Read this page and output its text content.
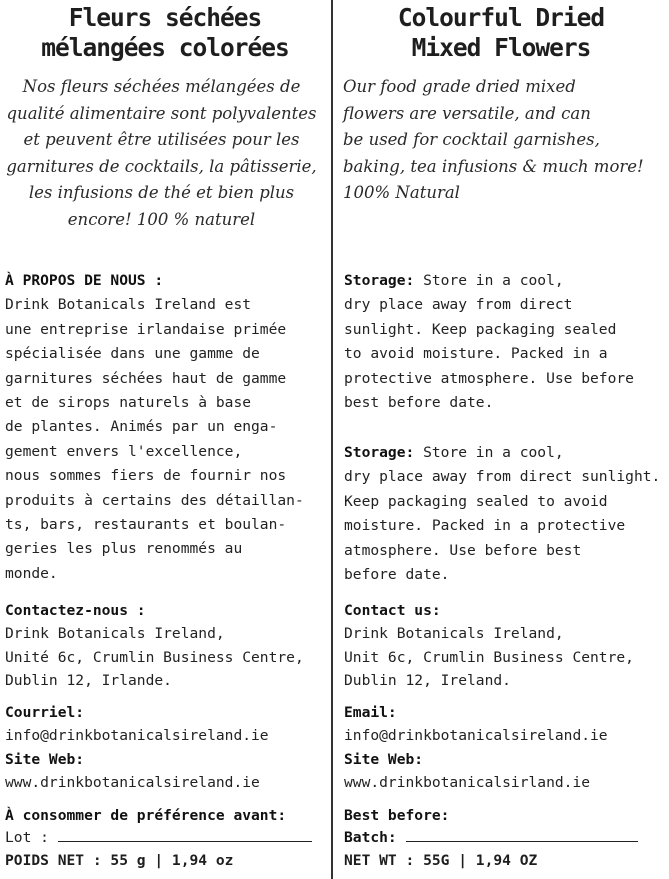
Fleurs séchées
mélangées colorées

Nos fleurs séchées mélangées de qualité alimentaire sont polyvalentes et peuvent être utilisées pour les garnitures de cocktails, la pâtisserie, les infusions de thé et bien plus encore! 100 % naturel

À PROPOS DE NOUS :
Drink Botanicals Ireland est
une entreprise irlandaise primée
spécialisée dans une gamme de
garnitures séchées haut de gamme
et de sirops naturels à base
de plantes. Animés par un enga-
gement envers l'excellence,
nous sommes fiers de fournir nos
produits à certains des détaillan-
ts, bars, restaurants et boulan-
geries les plus renommés au
monde.
Contactez-nous :
Drink Botanicals Ireland,
Unité 6c, Crumlin Business Centre,
Dublin 12, Irlande.
Courriel:
info@drinkbotanicalsireland.ie
Site Web:
www.drinkbotanicalsireland.ie
À consommer de préférence avant:
Lot :

POIDS NET : 55 g | 1,94 oz

Colourful Dried
Mixed Flowers

Our food grade dried mixed
flowers are versatile, and can
be used for cocktail garnishes,
baking, tea infusions & much more!
100% Natural

Storage: Store in a cool,
dry place away from direct
sunlight. Keep packaging sealed
to avoid moisture. Packed in a
protective atmosphere. Use before
best before date.
Storage: Store in a cool,
dry place away from direct sunlight.
Keep packaging sealed to avoid
moisture. Packed in a protective
atmosphere. Use before best
before date.
Contact us:
Drink Botanicals Ireland,
Unit 6c, Crumlin Business Centre,
Dublin 12, Ireland.
Email:
info@drinkbotanicalsireland.ie
Site Web:
www.drinkbotanicalsirland.ie
Best before:
Batch:

NET WT : 55G | 1,94 OZ
